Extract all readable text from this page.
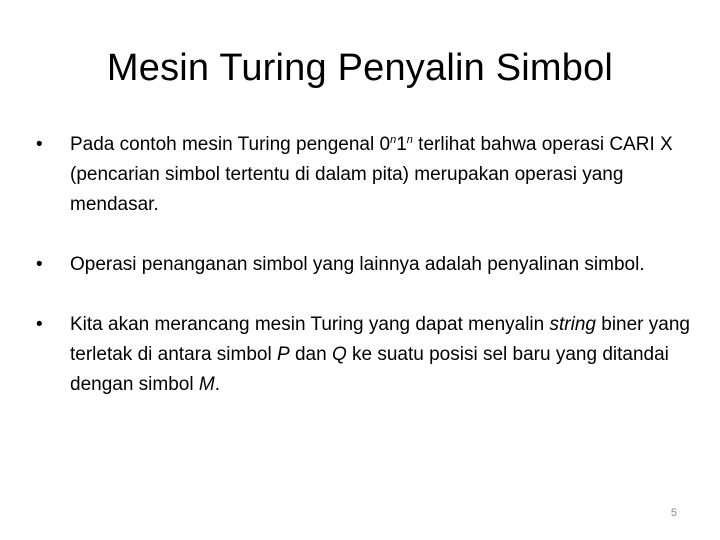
Mesin Turing Penyalin Simbol
•	Pada contoh mesin Turing pengenal 0$^n$1$^n$ terlihat bahwa operasi CARI X (pencarian simbol tertentu di dalam pita) merupakan operasi yang mendasar.
•	Operasi penanganan simbol yang lainnya adalah penyalinan simbol.
•	Kita akan merancang mesin Turing yang dapat menyalin string biner yang terletak di antara simbol P dan Q ke suatu posisi sel baru yang ditandai dengan simbol M.
5
